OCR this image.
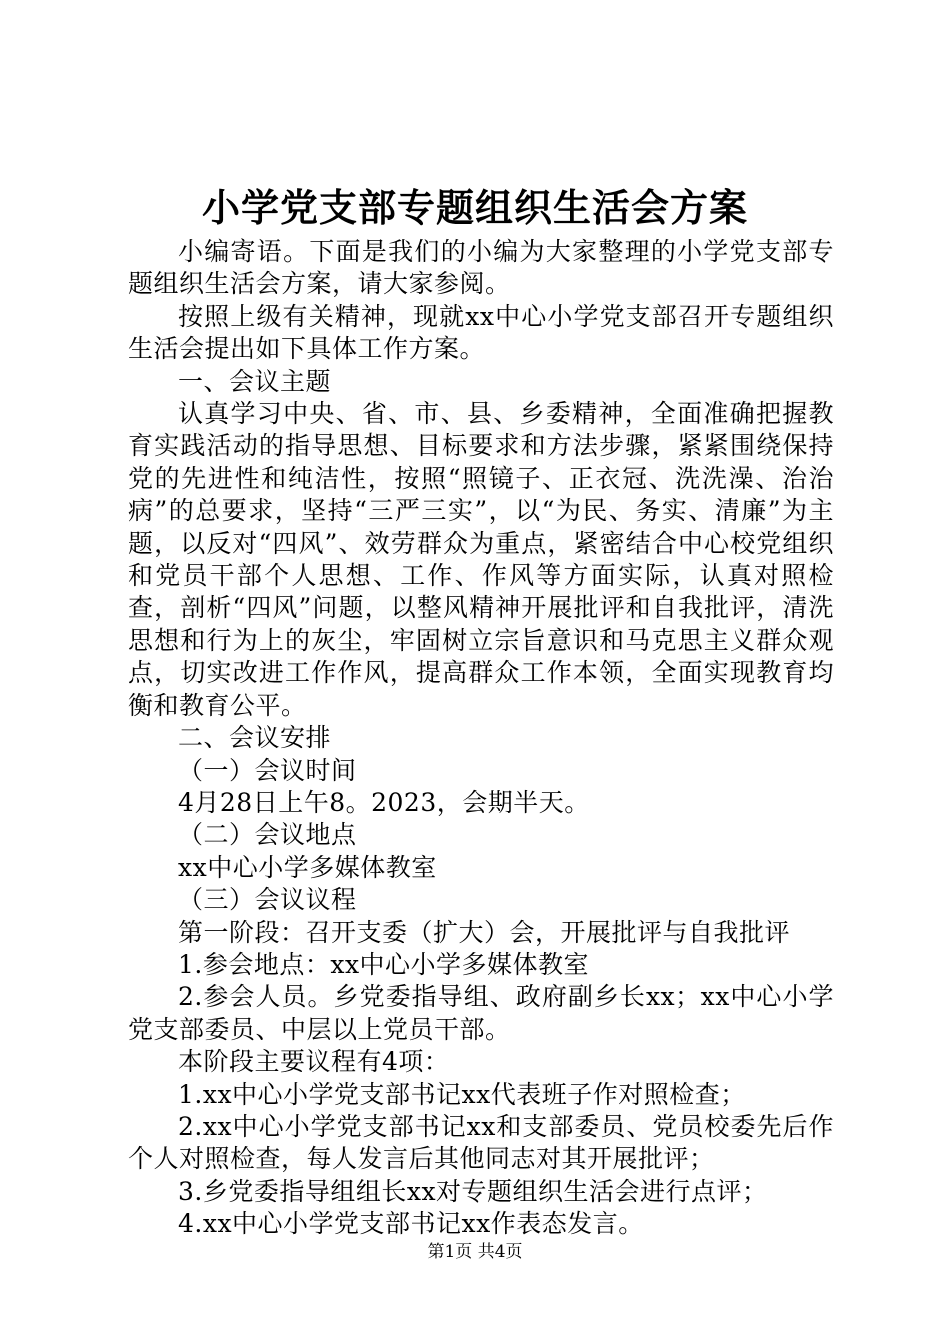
小学党支部专题组织生活会方案

小编寄语。下面是我们的小编为大家整理的小学党支部专题组织生活会方案，请大家参阅。

按照上级有关精神，现就xx中心小学党支部召开专题组织生活会提出如下具体工作方案。

一、会议主题

认真学习中央、省、市、县、乡委精神，全面准确把握教育实践活动的指导思想、目标要求和方法步骤，紧紧围绕保持党的先进性和纯洁性，按照“照镜子、正衣冠、洗洗澡、治治病”的总要求，坚持“三严三实”，以“为民、务实、清廉”为主题，以反对“四风”、效劳群众为重点，紧密结合中心校党组织和党员干部个人思想、工作、作风等方面实际，认真对照检查，剖析“四风”问题，以整风精神开展批评和自我批评，清洗思想和行为上的灰尘，牢固树立宗旨意识和马克思主义群众观点，切实改进工作作风，提高群众工作本领，全面实现教育均衡和教育公平。

二、会议安排

（一）会议时间

4月28日上午8。2023，会期半天。

（二）会议地点

xx中心小学多媒体教室

（三）会议议程

第一阶段：召开支委（扩大）会，开展批评与自我批评

1.参会地点：xx中心小学多媒体教室

2.参会人员。乡党委指导组、政府副乡长xx；xx中心小学党支部委员、中层以上党员干部。

本阶段主要议程有4项：

1.xx中心小学党支部书记xx代表班子作对照检查；

2.xx中心小学党支部书记xx和支部委员、党员校委先后作个人对照检查，每人发言后其他同志对其开展批评；

3.乡党委指导组组长xx对专题组织生活会进行点评；

4.xx中心小学党支部书记xx作表态发言。

第1页 共4页
